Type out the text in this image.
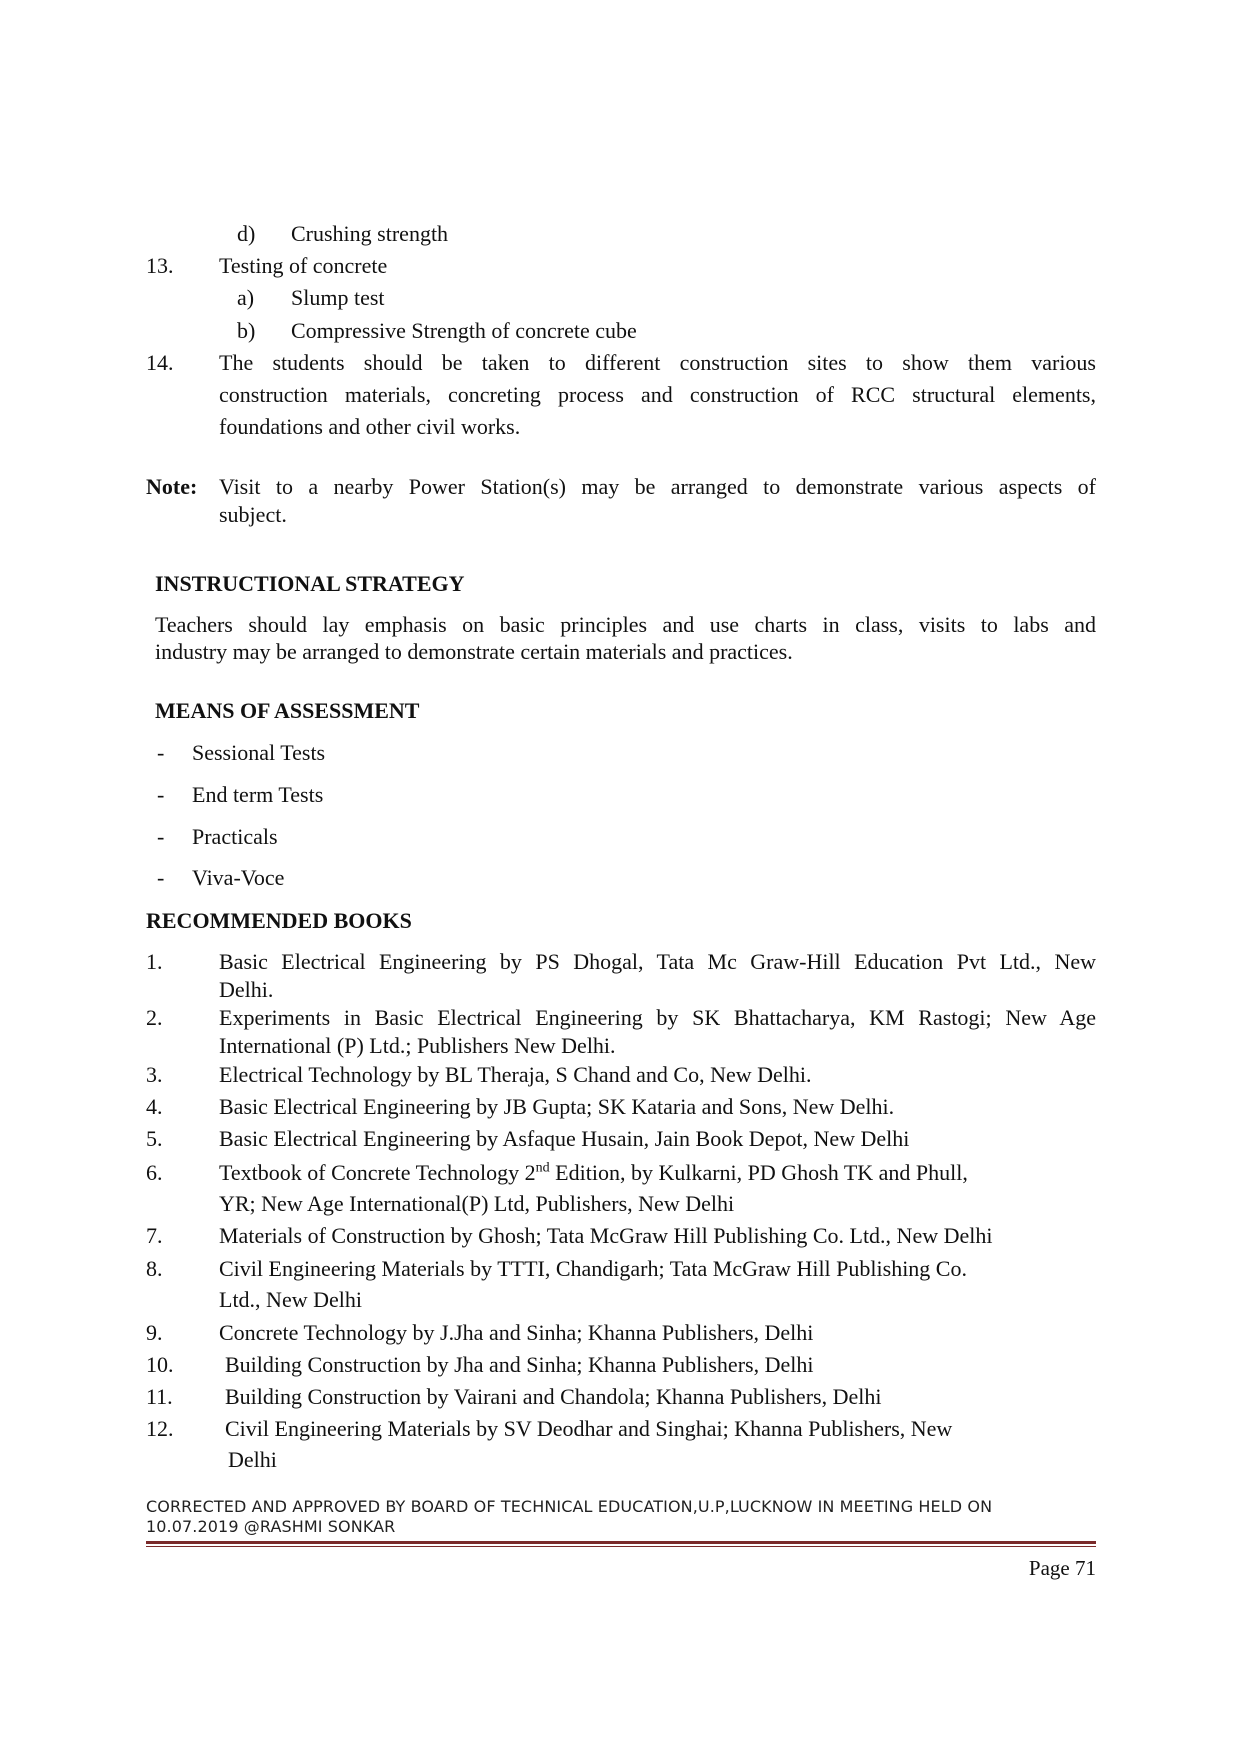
d) Crushing strength
13. Testing of concrete
a) Slump test
b) Compressive Strength of concrete cube
14. The students should be taken to different construction sites to show them various
construction materials, concreting process and construction of RCC structural elements,
foundations and other civil works.
Note: Visit to a nearby Power Station(s) may be arranged to demonstrate various aspects of
subject.
INSTRUCTIONAL STRATEGY
Teachers should lay emphasis on basic principles and use charts in class, visits to labs and
industry may be arranged to demonstrate certain materials and practices.
MEANS OF ASSESSMENT
- Sessional Tests
- End term Tests
- Practicals
- Viva-Voce
RECOMMENDED BOOKS
1.	Basic Electrical Engineering by PS Dhogal, Tata Mc Graw-Hill Education Pvt Ltd., New
Delhi.
2.	Experiments in Basic Electrical Engineering by SK Bhattacharya, KM Rastogi; New Age
International (P) Ltd.; Publishers New Delhi.
3.	Electrical Technology by BL Theraja, S Chand and Co, New Delhi.
4.	Basic Electrical Engineering by JB Gupta; SK Kataria and Sons, New Delhi.
5.	Basic Electrical Engineering by Asfaque Husain, Jain Book Depot, New Delhi
6.	Textbook of Concrete Technology 2nd Edition, by Kulkarni, PD Ghosh TK and Phull,
YR; New Age International(P) Ltd, Publishers, New Delhi
7.	Materials of Construction by Ghosh; Tata McGraw Hill Publishing Co. Ltd., New Delhi
8.	Civil Engineering Materials by TTTI, Chandigarh; Tata McGraw Hill Publishing Co.
Ltd., New Delhi
9.	Concrete Technology by J.Jha and Sinha; Khanna Publishers, Delhi
10. Building Construction by Jha and Sinha; Khanna Publishers, Delhi
11. Building Construction by Vairani and Chandola; Khanna Publishers, Delhi
12. Civil Engineering Materials by SV Deodhar and Singhai; Khanna Publishers, New
Delhi
CORRECTED AND APPROVED BY BOARD OF TECHNICAL EDUCATION,U.P,LUCKNOW IN MEETING HELD ON
10.07.2019 @RASHMI SONKAR
Page 71
